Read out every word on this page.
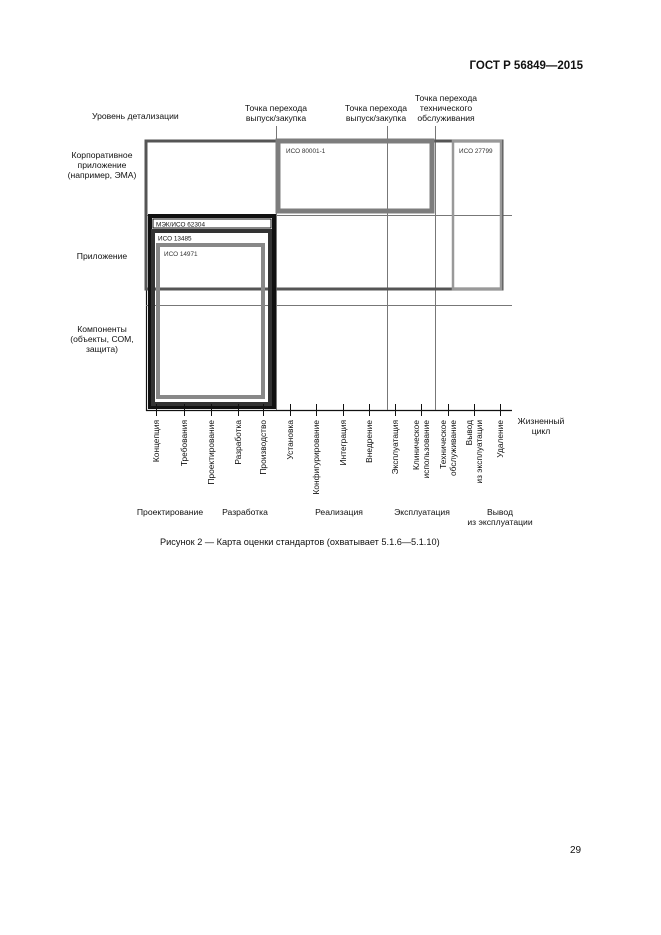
ГОСТ Р 56849—2015
Уровень детализации
Точка перехода
выпуск/закупка
Точка перехода
выпуск/закупка
Точка перехода
технического
обслуживания
Корпоративное
приложение
(например, ЭМА)
Приложение
Компоненты
(объекты, СОМ,
защита)
ИСО 80001-1	ИСО 27799
МЭК/ИСО 62304
ИСО 13485
ИСО 14971
Жизненный
цикл
Концепция Требования Проектирование Разработка Производство Установка Конфигурирование Интеграция Внедрение Эксплуатация Клиническое использование Техническое обслуживание Вывод из эксплуатации Удаление
Проектирование	Разработка	Реализация	Эксплуатация	Вывод
из эксплуатации
Рисунок 2 — Карта оценки стандартов (охватывает 5.1.6—5.1.10)
29
